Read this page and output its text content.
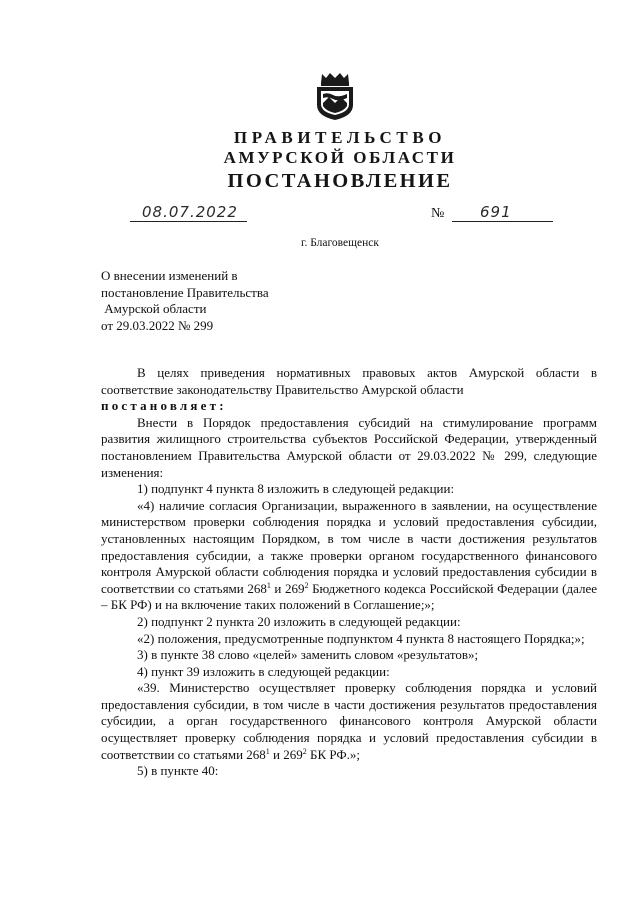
ПРАВИТЕЛЬСТВО
АМУРСКОЙ ОБЛАСТИ
ПОСТАНОВЛЕНИЕ
08.07.2022	№ 691
г. Благовещенск
О внесении изменений в
постановление Правительства
Амурской области
от 29.03.2022 № 299

В целях приведения нормативных правовых актов Амурской области в соответствие законодательству Правительство Амурской области

постановляет:

Внести в Порядок предоставления субсидий на стимулирование программ развития жилищного строительства субъектов Российской Федерации, утвержденный постановлением Правительства Амурской области от 29.03.2022 № 299, следующие изменения:

1) подпункт 4 пункта 8 изложить в следующей редакции:

«4) наличие согласия Организации, выраженного в заявлении, на осуществление министерством проверки соблюдения порядка и условий предоставления субсидии, установленных настоящим Порядком, в том числе в части достижения результатов предоставления субсидии, а также проверки органом государственного финансового контроля Амурской области соблюдения порядка и условий предоставления субсидии в соответствии со статьями $268^1$ и $269^2$ Бюджетного кодекса Российской Федерации (далее – БК РФ) и на включение таких положений в Соглашение;»;

2) подпункт 2 пункта 20 изложить в следующей редакции:

«2) положения, предусмотренные подпунктом 4 пункта 8 настоящего Порядка;»;

3) в пункте 38 слово «целей» заменить словом «результатов»;

4) пункт 39 изложить в следующей редакции:

«39. Министерство осуществляет проверку соблюдения порядка и условий предоставления субсидии, в том числе в части достижения результатов предоставления субсидии, а орган государственного финансового контроля Амурской области осуществляет проверку соблюдения порядка и условий предоставления субсидии в соответствии со статьями $268^1$ и $269^2$ БК РФ.»;

5) в пункте 40:
